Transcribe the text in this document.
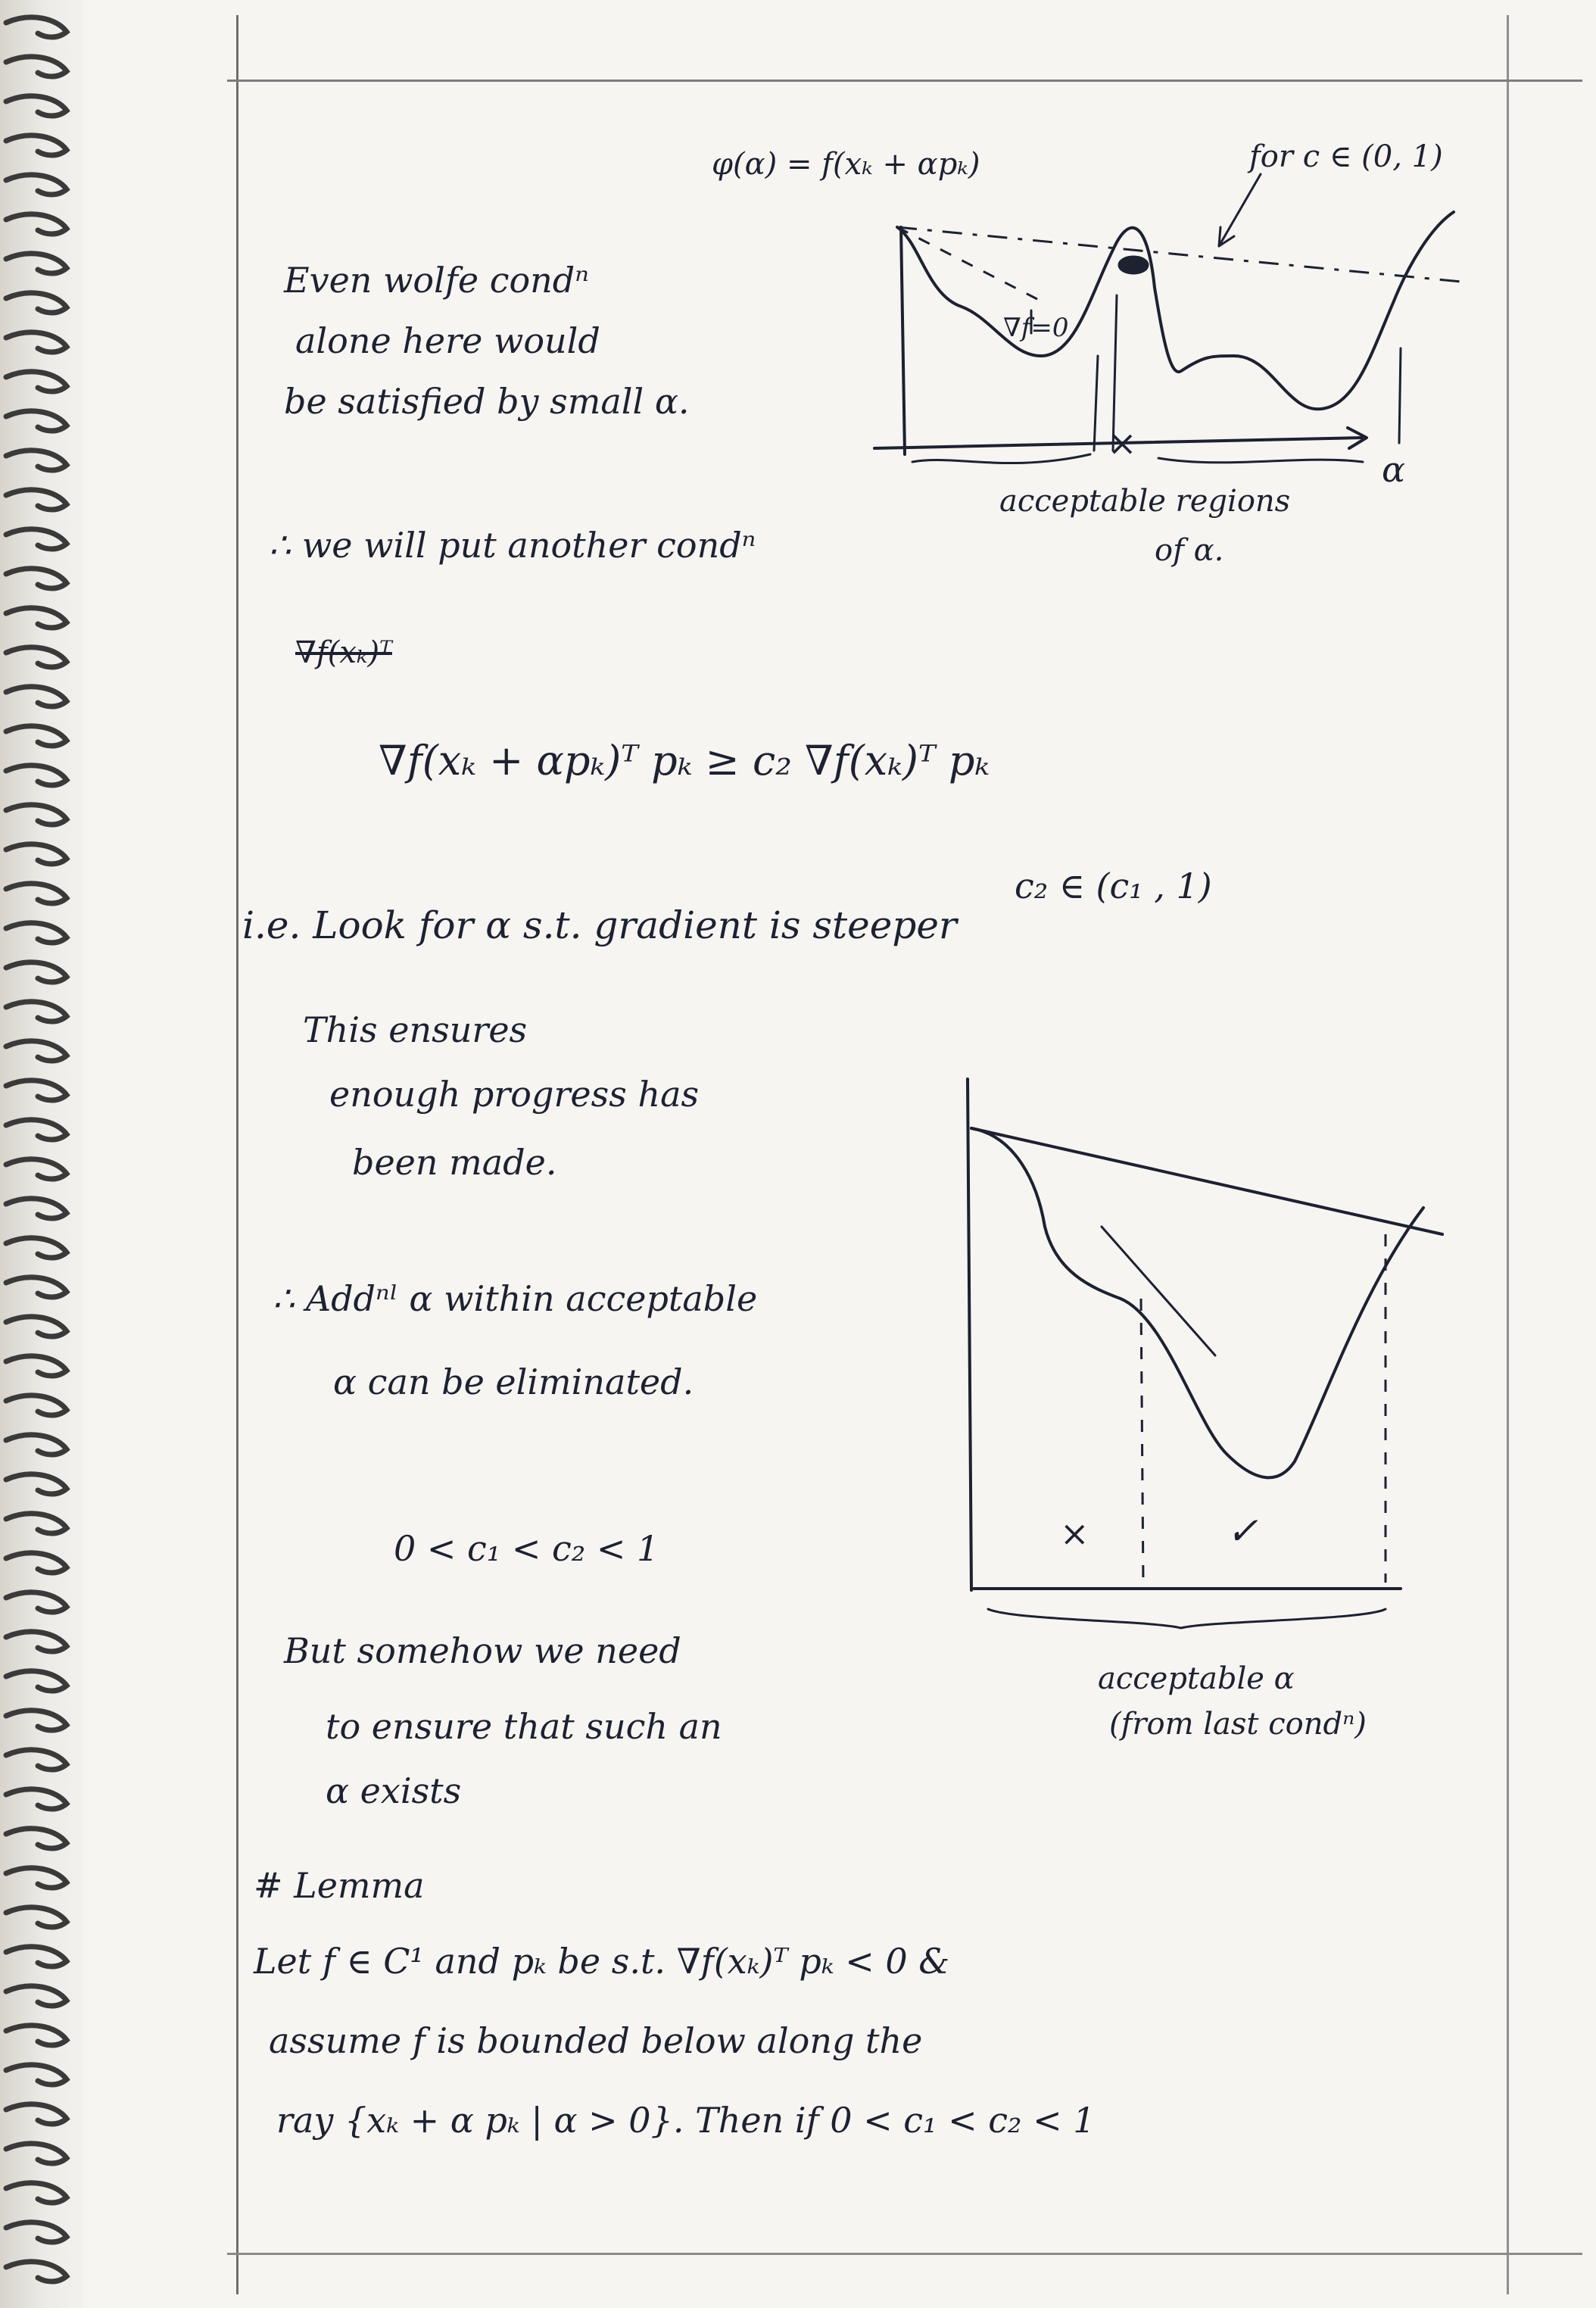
φ(α) = f(xₖ + αpₖ)	for c ∈ (0, 1)

∇f=0

×

α

acceptable regions

of α.

Even wolfe condⁿ

alone here would

be satisfied by small α.

∴ we will put another condⁿ

∇f(xₖ)ᵀ

∇f(xₖ + αpₖ)ᵀ pₖ ≥ c₂ ∇f(xₖ)ᵀ pₖ

c₂ ∈ (c₁ , 1)

i.e. Look for α s.t. gradient is steeper

This ensures

enough progress has

been made.

∴ Addⁿˡ α within acceptable

α can be eliminated.

0 < c₁ < c₂ < 1	×	✓

But somehow we need

to ensure that such an

α exists

acceptable α

(from last condⁿ)

# Lemma

Let f ∈ C¹ and pₖ be s.t. ∇f(xₖ)ᵀ pₖ < 0 &

assume f is bounded below along the

ray {xₖ + α pₖ | α > 0}. Then if 0 < c₁ < c₂ < 1
